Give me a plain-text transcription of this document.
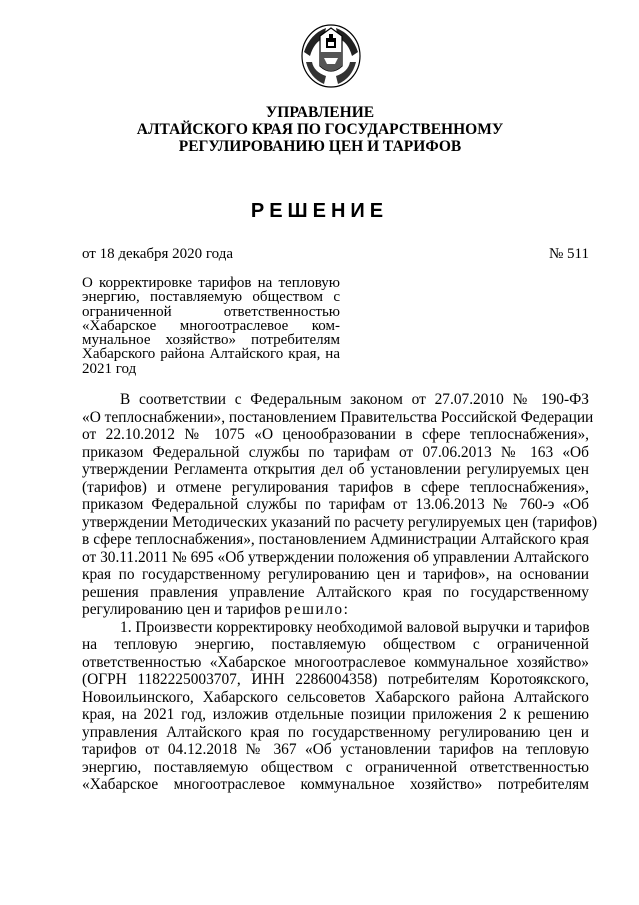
УПРАВЛЕНИЕ
АЛТАЙСКОГО КРАЯ ПО ГОСУДАРСТВЕННОМУ
РЕГУЛИРОВАНИЮ ЦЕН И ТАРИФОВ
РЕШЕНИЕ
от 18 декабря 2020 года	№ 511
О корректировке тарифов на тепловую
энергию, поставляемую обществом с
ограниченной ответственностью
«Хабарское многоотраслевое ком-
мунальное хозяйство» потребителям
Хабарского района Алтайского края, на
2021 год
В соответствии с Федеральным законом от 27.07.2010 № 190-ФЗ
«О теплоснабжении», постановлением Правительства Российской Федерации
от 22.10.2012 № 1075 «О ценообразовании в сфере теплоснабжения»,
приказом Федеральной службы по тарифам от 07.06.2013 № 163 «Об
утверждении Регламента открытия дел об установлении регулируемых цен
(тарифов) и отмене регулирования тарифов в сфере теплоснабжения»,
приказом Федеральной службы по тарифам от 13.06.2013 № 760-э «Об
утверждении Методических указаний по расчету регулируемых цен (тарифов)
в сфере теплоснабжения», постановлением Администрации Алтайского края
от 30.11.2011 № 695 «Об утверждении положения об управлении Алтайского
края по государственному регулированию цен и тарифов», на основании
решения правления управление Алтайского края по государственному
регулированию цен и тарифов решило:
1. Произвести корректировку необходимой валовой выручки и тарифов
на тепловую энергию, поставляемую обществом с ограниченной
ответственностью «Хабарское многоотраслевое коммунальное хозяйство»
(ОГРН 1182225003707, ИНН 2286004358) потребителям Коротоякского,
Новоильинского, Хабарского сельсоветов Хабарского района Алтайского
края, на 2021 год, изложив отдельные позиции приложения 2 к решению
управления Алтайского края по государственному регулированию цен и
тарифов от 04.12.2018 № 367 «Об установлении тарифов на тепловую
энергию, поставляемую обществом с ограниченной ответственностью
«Хабарское многоотраслевое коммунальное хозяйство» потребителям
